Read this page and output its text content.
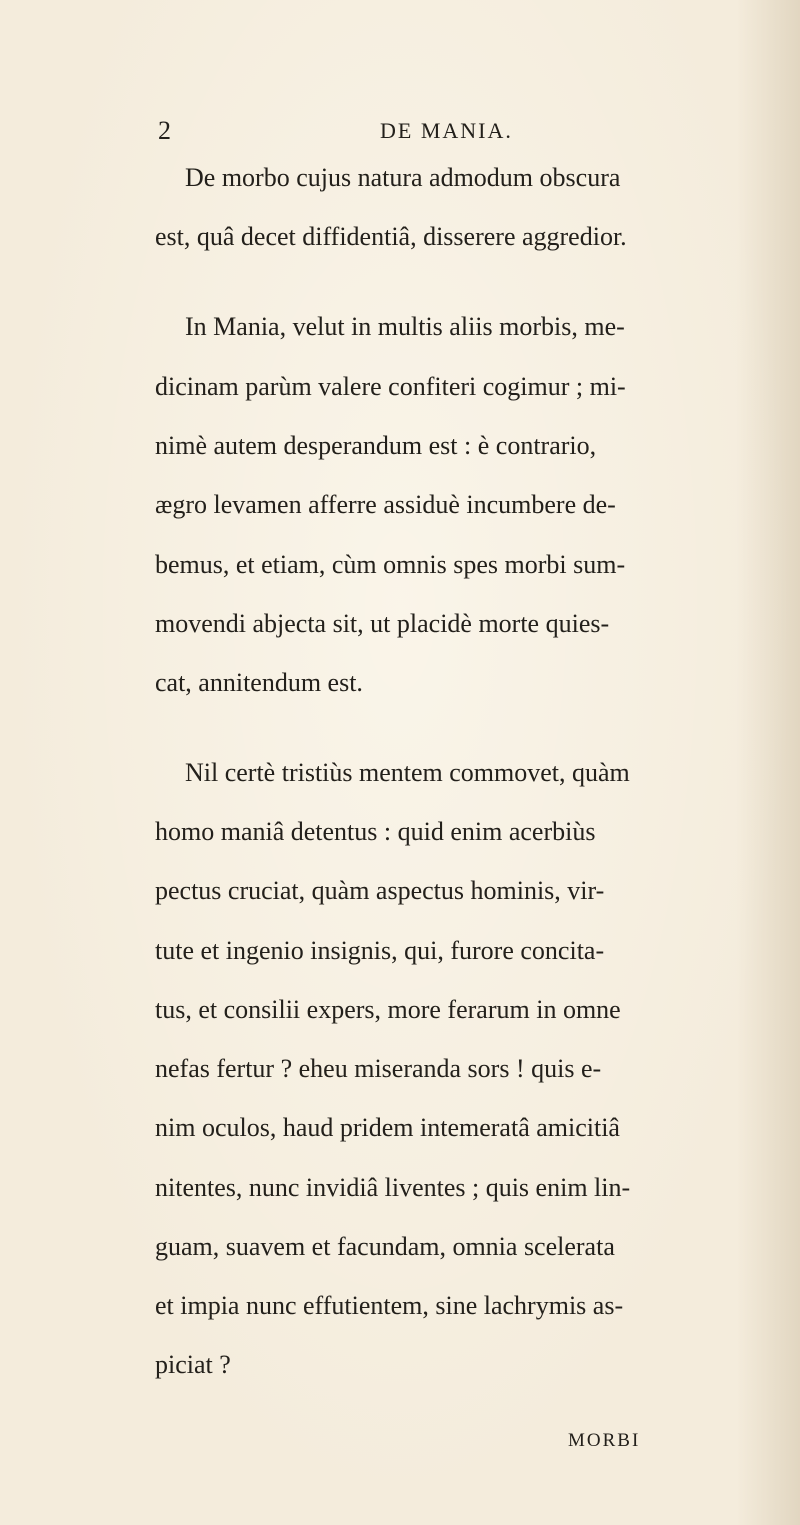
2	DE MANIA.
De morbo cujus natura admodum obscura
est, quâ decet diffidentiâ, disserere aggredior.
In Mania, velut in multis aliis morbis, me-
dicinam parùm valere confiteri cogimur ; mi-
nimè autem desperandum est : è contrario,
ægro levamen afferre assiduè incumbere de-
bemus, et etiam, cùm omnis spes morbi sum-
movendi abjecta sit, ut placidè morte quies-
cat, annitendum est.
Nil certè tristiùs mentem commovet, quàm
homo maniâ detentus : quid enim acerbiùs
pectus cruciat, quàm aspectus hominis, vir-
tute et ingenio insignis, qui, furore concita-
tus, et consilii expers, more ferarum in omne
nefas fertur ? eheu miseranda sors ! quis e-
nim oculos, haud pridem intemeratâ amicitiâ
nitentes, nunc invidiâ liventes ; quis enim lin-
guam, suavem et facundam, omnia scelerata
et impia nunc effutientem, sine lachrymis as-
piciat ?
MORBI
